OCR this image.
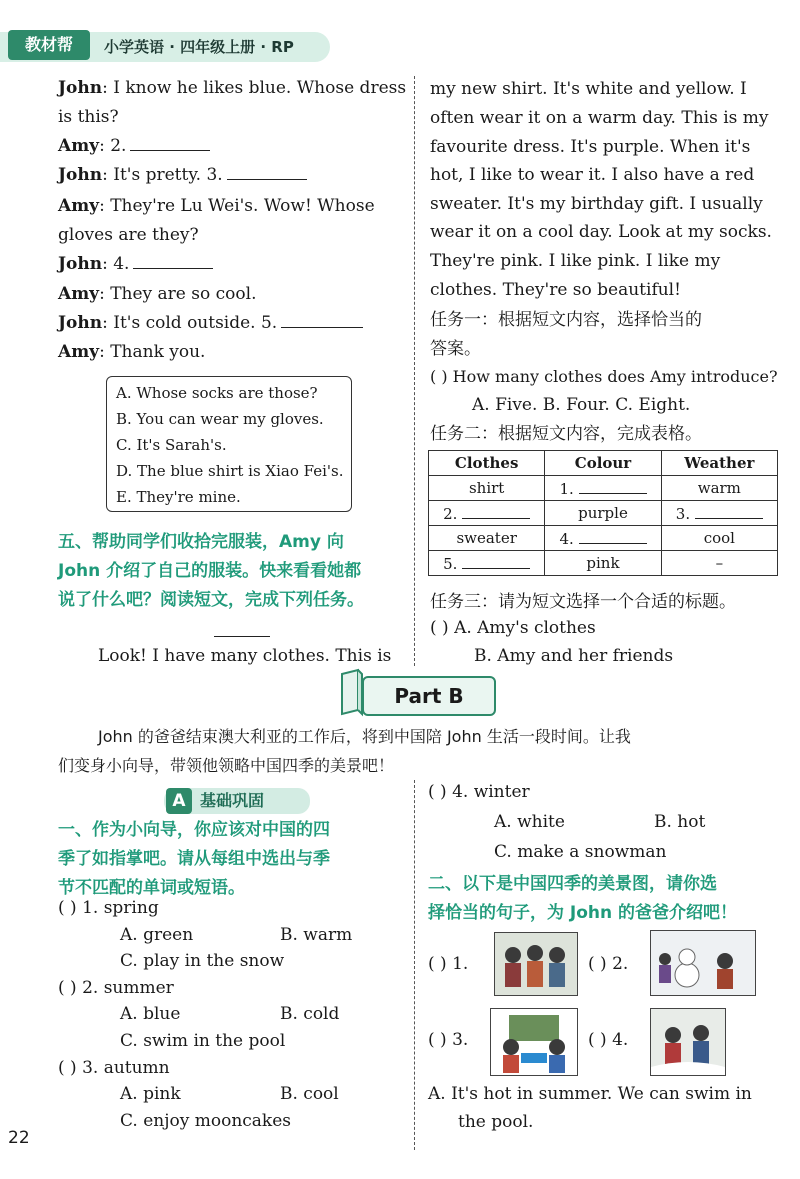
教材帮	小学英语 · 四年级上册 · RP
John: I know he likes blue. Whose dress
is this?
Amy: 2.
John: It's pretty. 3.
Amy: They're Lu Wei's. Wow! Whose
gloves are they?
John: 4.
Amy: They are so cool.
John: It's cold outside. 5.
Amy: Thank you.
A. Whose socks are those?
B. You can wear my gloves.
C. It's Sarah's.
D. The blue shirt is Xiao Fei's.
E. They're mine.
五、帮助同学们收拾完服装，Amy 向
John 介绍了自己的服装。快来看看她都
说了什么吧？阅读短文，完成下列任务。
Look! I have many clothes. This is
my new shirt. It's white and yellow. I
often wear it on a warm day. This is my
favourite dress. It's purple. When it's
hot, I like to wear it. I also have a red
sweater. It's my birthday gift. I usually
wear it on a cool day. Look at my socks.
They're pink. I like pink. I like my
clothes. They're so beautiful!
任务一：根据短文内容，选择恰当的
答案。
( ) How many clothes does Amy introduce?
A. Five. B. Four. C. Eight.
任务二：根据短文内容，完成表格。
Clothes	Colour	Weather
shirt	1.	warm
2.	purple	3.
sweater	4.	cool
5.	pink	–
任务三：请为短文选择一个合适的标题。
( ) A. Amy's clothes
B. Amy and her friends
Part B
John 的爸爸结束澳大利亚的工作后，将到中国陪 John 生活一段时间。让我
们变身小向导，带领他领略中国四季的美景吧！
A 基础巩固
一、作为小向导，你应该对中国的四
季了如指掌吧。请从每组中选出与季
节不匹配的单词或短语。
( ) 1. spring
A. green	B. warm
C. play in the snow
( ) 2. summer
A. blue	B. cold
C. swim in the pool
( ) 3. autumn
A. pink	B. cool
C. enjoy mooncakes
( ) 4. winter
A. white	B. hot
C. make a snowman
二、以下是中国四季的美景图，请你选
择恰当的句子，为 John 的爸爸介绍吧！
( ) 1.	( ) 2.
( ) 3.	( ) 4.
A. It's hot in summer. We can swim in
the pool.
22
